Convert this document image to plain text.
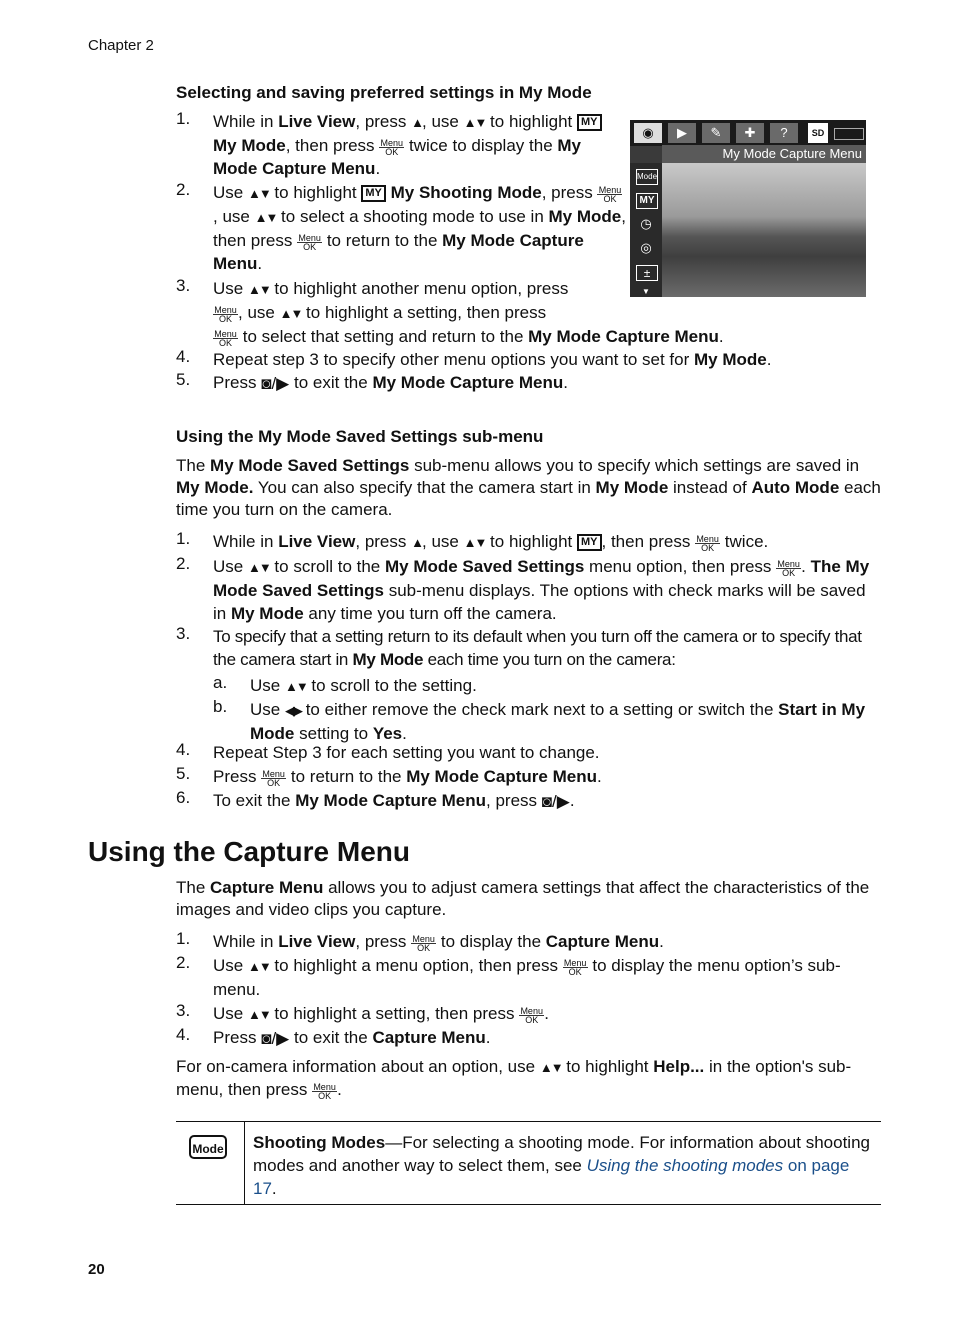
Chapter 2
Selecting and saving preferred settings in My Mode
◉	▶	✎	✚	?	SD
My Mode Capture Menu
Mode
MY
◷
◎
±
▼
1. While in Live View, press ▲, use ▲▼ to highlight MY My Mode, then press Menu
OK twice to display the My Mode Capture Menu.
2. Use ▲▼ to highlight MY My Shooting Mode, press Menu
OK
, use ▲▼ to select a shooting mode to use in My Mode, then press Menu
OK to return to the My Mode Capture Menu.
3. Use ▲▼ to highlight another menu option, press

Menu
OK , use ▲▼ to highlight a setting, then press

Menu
OK to select that setting and return to the My Mode Capture Menu.
4. Repeat step 3 to specify other menu options you want to set for My Mode.
5. Press ◙/▶ to exit the My Mode Capture Menu.
Using the My Mode Saved Settings sub-menu
The My Mode Saved Settings sub-menu allows you to specify which settings are saved in My Mode. You can also specify that the camera start in My Mode instead of Auto Mode each time you turn on the camera.
1. While in Live View, press ▲, use ▲▼ to highlight MY , then press Menu
OK twice.
2. Use ▲▼ to scroll to the My Mode Saved Settings menu option, then press Menu
OK . The My Mode Saved Settings sub-menu displays. The options with check marks will be saved in My Mode any time you turn off the camera.
3. To specify that a setting return to its default when you turn off the camera or to specify that the camera start in My Mode each time you turn on the camera:
a. Use ▲▼ to scroll to the setting.
b. Use ◀▶ to either remove the check mark next to a setting or switch the Start in My Mode setting to Yes.
4. Repeat Step 3 for each setting you want to change.
5. Press Menu
OK to return to the My Mode Capture Menu.
6. To exit the My Mode Capture Menu, press ◙/▶.
Using the Capture Menu
The Capture Menu allows you to adjust camera settings that affect the characteristics of the images and video clips you capture.
1. While in Live View, press Menu
OK to display the Capture Menu.
2. Use ▲▼ to highlight a menu option, then press Menu
OK to display the menu option’s sub-menu.
3. Use ▲▼ to highlight a setting, then press Menu
OK .
4. Press ◙/▶ to exit the Capture Menu.
For on-camera information about an option, use ▲▼ to highlight Help... in the option's sub-menu, then press Menu
OK .
Mode Shooting Modes—For selecting a shooting mode. For information about shooting modes and another way to select them, see Using the shooting modes on page 17.
20
